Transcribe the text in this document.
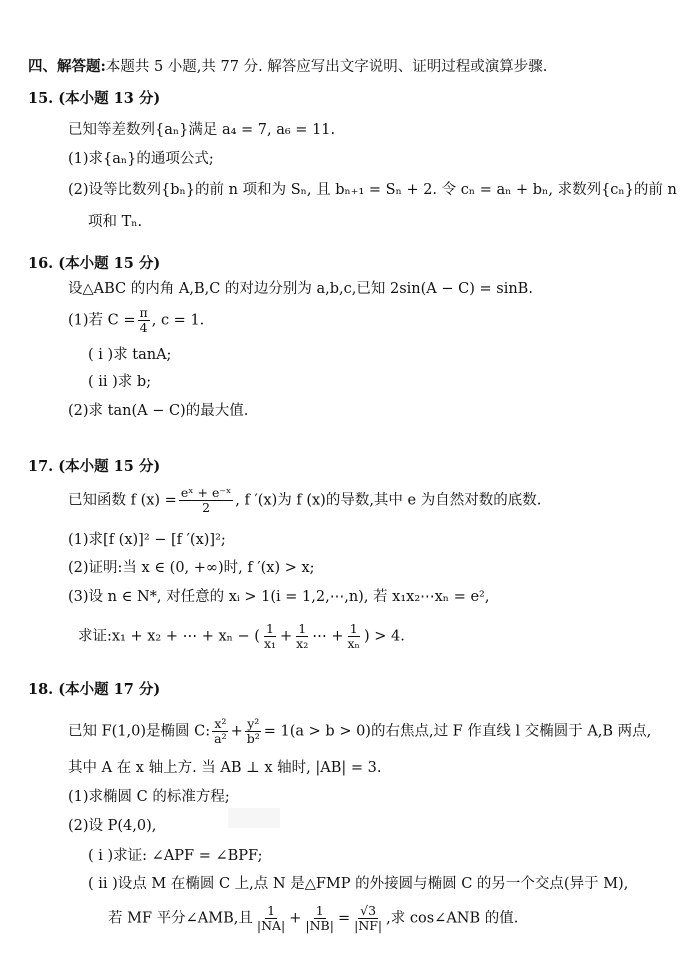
四、解答题:本题共 5 小题,共 77 分. 解答应写出文字说明、证明过程或演算步骤.
15. (本小题 13 分)
已知等差数列{aₙ}满足 a₄ = 7, a₆ = 11.
(1)求{aₙ}的通项公式;
(2)设等比数列{bₙ}的前 n 项和为 Sₙ, 且 bₙ₊₁ = Sₙ + 2. 令 cₙ = aₙ + bₙ, 求数列{cₙ}的前 n
项和 Tₙ.
16. (本小题 15 分)
设△ABC 的内角 A,B,C 的对边分别为 a,b,c,已知 2sin(A − C) = sinB.
(1)若 $C = \frac{\pi}{4}$ , c = 1.
( ⅰ )求 tanA;
( ⅱ )求 b;
(2)求 tan(A − C)的最大值.
17. (本小题 15 分)
已知函数 f $(x) = \frac{\text{eˣ + e⁻ˣ}}{2}$ , f ′(x)为 f (x)的导数,其中 e 为自然对数的底数.
(1)求[f (x)]² − [f ′(x)]²;
(2)证明:当 x ∈ (0, +∞)时, f ′(x) > x;
(3)设 n ∈ N*, 对任意的 xᵢ > 1(i = 1,2,⋯,n), 若 x₁x₂⋯xₙ = e²,
求证:x₁ + x₂ + ⋯ + xₙ − ( $\frac{1}{\text{x₁}} + \frac{1}{\text{x₂}}$ ⋯ + $\frac{1}{\text{xₙ}}$ ) > 4.
18. (本小题 17 分)
已知 F(1,0)是椭圆 C: $\frac{\text{x²}}{\text{a²}} + \frac{\text{y²}}{\text{b²}} = 1(a > b > 0)$的右焦点,过 F 作直线 l 交椭圆于 A,B 两点,
其中 A 在 x 轴上方. 当 AB ⊥ x 轴时, |AB| = 3.
(1)求椭圆 C 的标准方程;
(2)设 P(4,0),
( ⅰ )求证: ∠APF = ∠BPF;
( ⅱ )设点 M 在椭圆 C 上,点 N 是△FMP 的外接圆与椭圆 C 的另一个交点(异于 M),
若 MF 平分∠AMB,且 $\frac{1}{|NA|} + \frac{1}{|NB|} = \frac{√3}{|NF|}$ ,求 cos∠ANB 的值.
